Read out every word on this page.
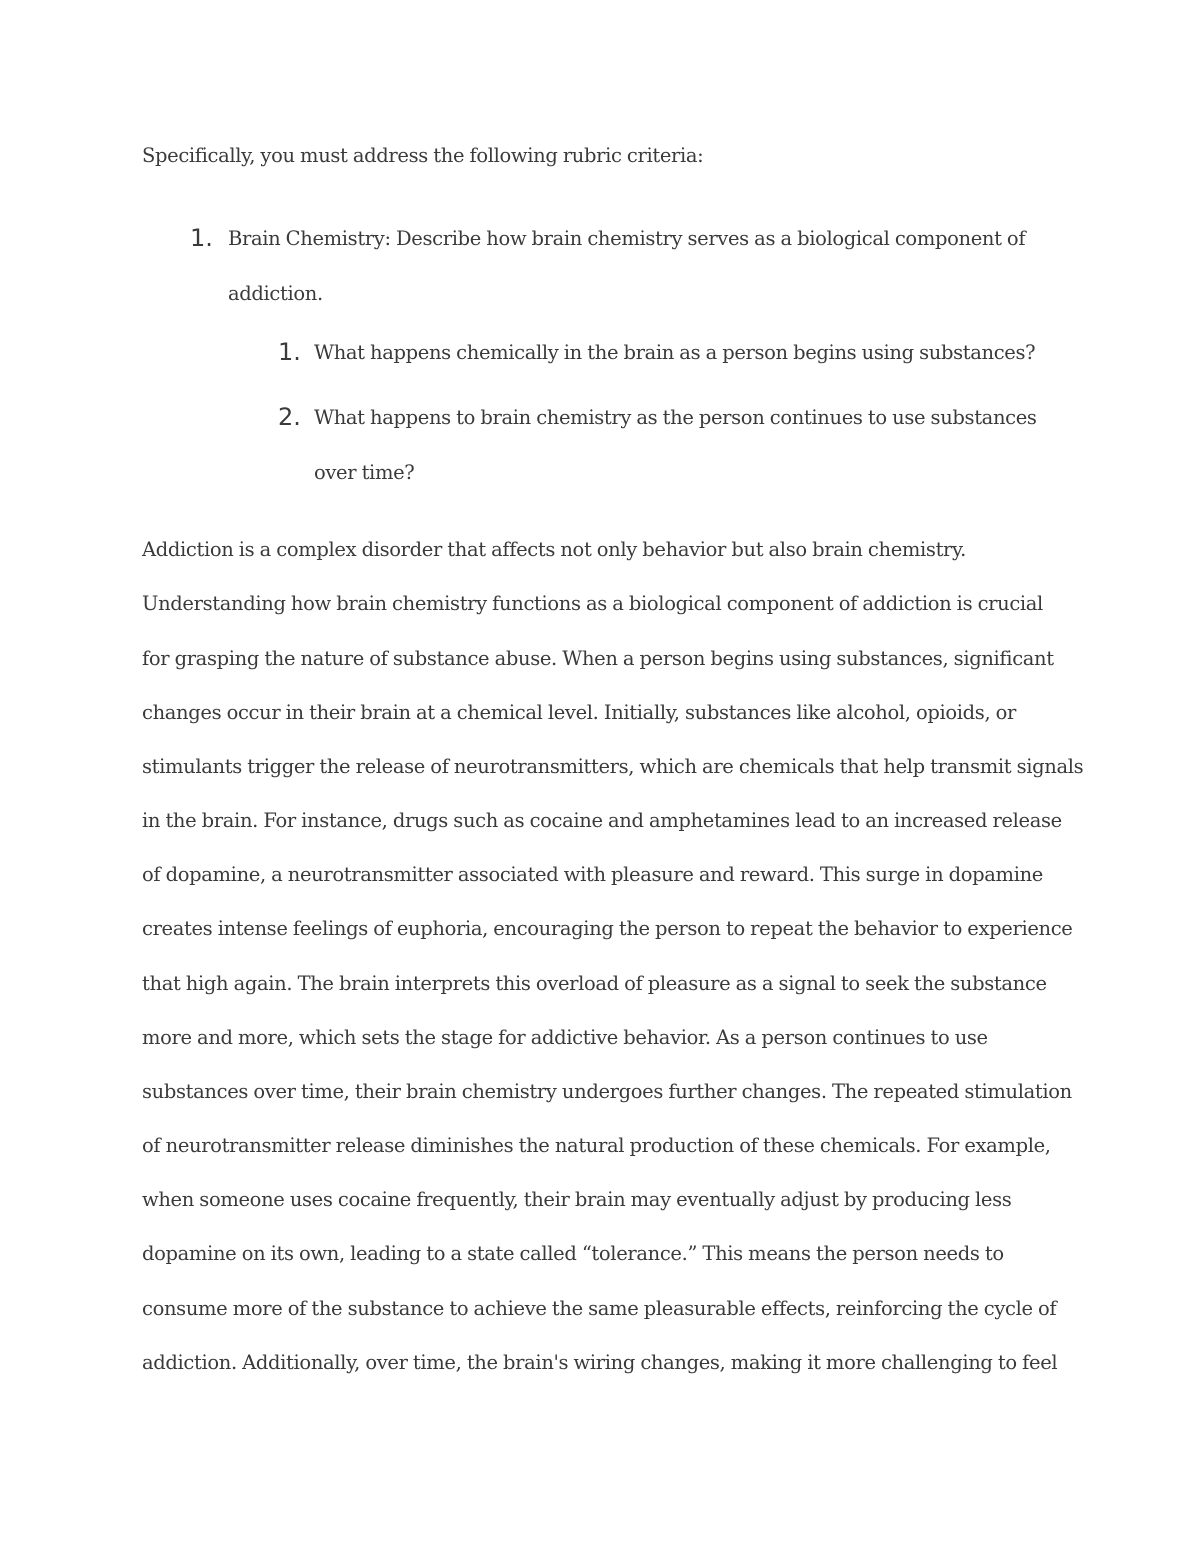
Specifically, you must address the following rubric criteria:
1. Brain Chemistry: Describe how brain chemistry serves as a biological component of
addiction.
1. What happens chemically in the brain as a person begins using substances?
2. What happens to brain chemistry as the person continues to use substances
over time?
Addiction is a complex disorder that affects not only behavior but also brain chemistry.
Understanding how brain chemistry functions as a biological component of addiction is crucial
for grasping the nature of substance abuse. When a person begins using substances, significant
changes occur in their brain at a chemical level. Initially, substances like alcohol, opioids, or
stimulants trigger the release of neurotransmitters, which are chemicals that help transmit signals
in the brain. For instance, drugs such as cocaine and amphetamines lead to an increased release
of dopamine, a neurotransmitter associated with pleasure and reward. This surge in dopamine
creates intense feelings of euphoria, encouraging the person to repeat the behavior to experience
that high again. The brain interprets this overload of pleasure as a signal to seek the substance
more and more, which sets the stage for addictive behavior. As a person continues to use
substances over time, their brain chemistry undergoes further changes. The repeated stimulation
of neurotransmitter release diminishes the natural production of these chemicals. For example,
when someone uses cocaine frequently, their brain may eventually adjust by producing less
dopamine on its own, leading to a state called “tolerance.” This means the person needs to
consume more of the substance to achieve the same pleasurable effects, reinforcing the cycle of
addiction. Additionally, over time, the brain's wiring changes, making it more challenging to feel
